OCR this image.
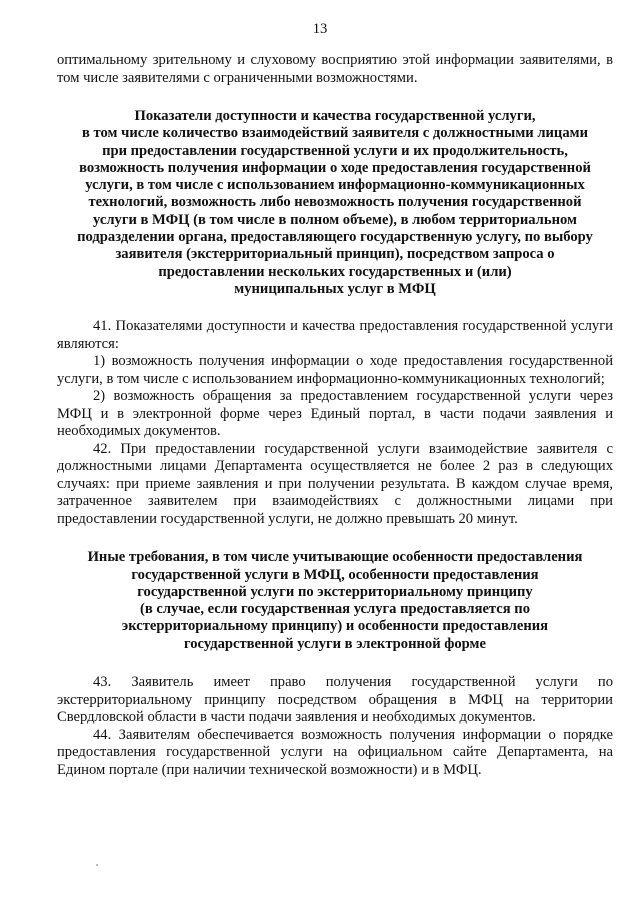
13

оптимальному зрительному и слуховому восприятию этой информации заявителями, в том числе заявителями с ограниченными возможностями.

Показатели доступности и качества государственной услуги,
в том числе количество взаимодействий заявителя с должностными лицами
при предоставлении государственной услуги и их продолжительность,
возможность получения информации о ходе предоставления государственной
услуги, в том числе с использованием информационно-коммуникационных
технологий, возможность либо невозможность получения государственной
услуги в МФЦ (в том числе в полном объеме), в любом территориальном
подразделении органа, предоставляющего государственную услугу, по выбору
заявителя (экстерриториальный принцип), посредством запроса о
предоставлении нескольких государственных и (или)
муниципальных услуг в МФЦ

41. Показателями доступности и качества предоставления государственной услуги являются:

1) возможность получения информации о ходе предоставления государственной услуги, в том числе с использованием информационно-коммуникационных технологий;

2) возможность обращения за предоставлением государственной услуги через МФЦ и в электронной форме через Единый портал, в части подачи заявления и необходимых документов.

42. При предоставлении государственной услуги взаимодействие заявителя с должностными лицами Департамента осуществляется не более 2 раз в следующих случаях: при приеме заявления и при получении результата. В каждом случае время, затраченное заявителем при взаимодействиях с должностными лицами при предоставлении государственной услуги, не должно превышать 20 минут.

Иные требования, в том числе учитывающие особенности предоставления
государственной услуги в МФЦ, особенности предоставления
государственной услуги по экстерриториальному принципу
(в случае, если государственная услуга предоставляется по
экстерриториальному принципу) и особенности предоставления
государственной услуги в электронной форме

43. Заявитель имеет право получения государственной услуги по экстерриториальному принципу посредством обращения в МФЦ на территории Свердловской области в части подачи заявления и необходимых документов.

44. Заявителям обеспечивается возможность получения информации о порядке предоставления государственной услуги на официальном сайте Департамента, на Едином портале (при наличии технической возможности) и в МФЦ.
